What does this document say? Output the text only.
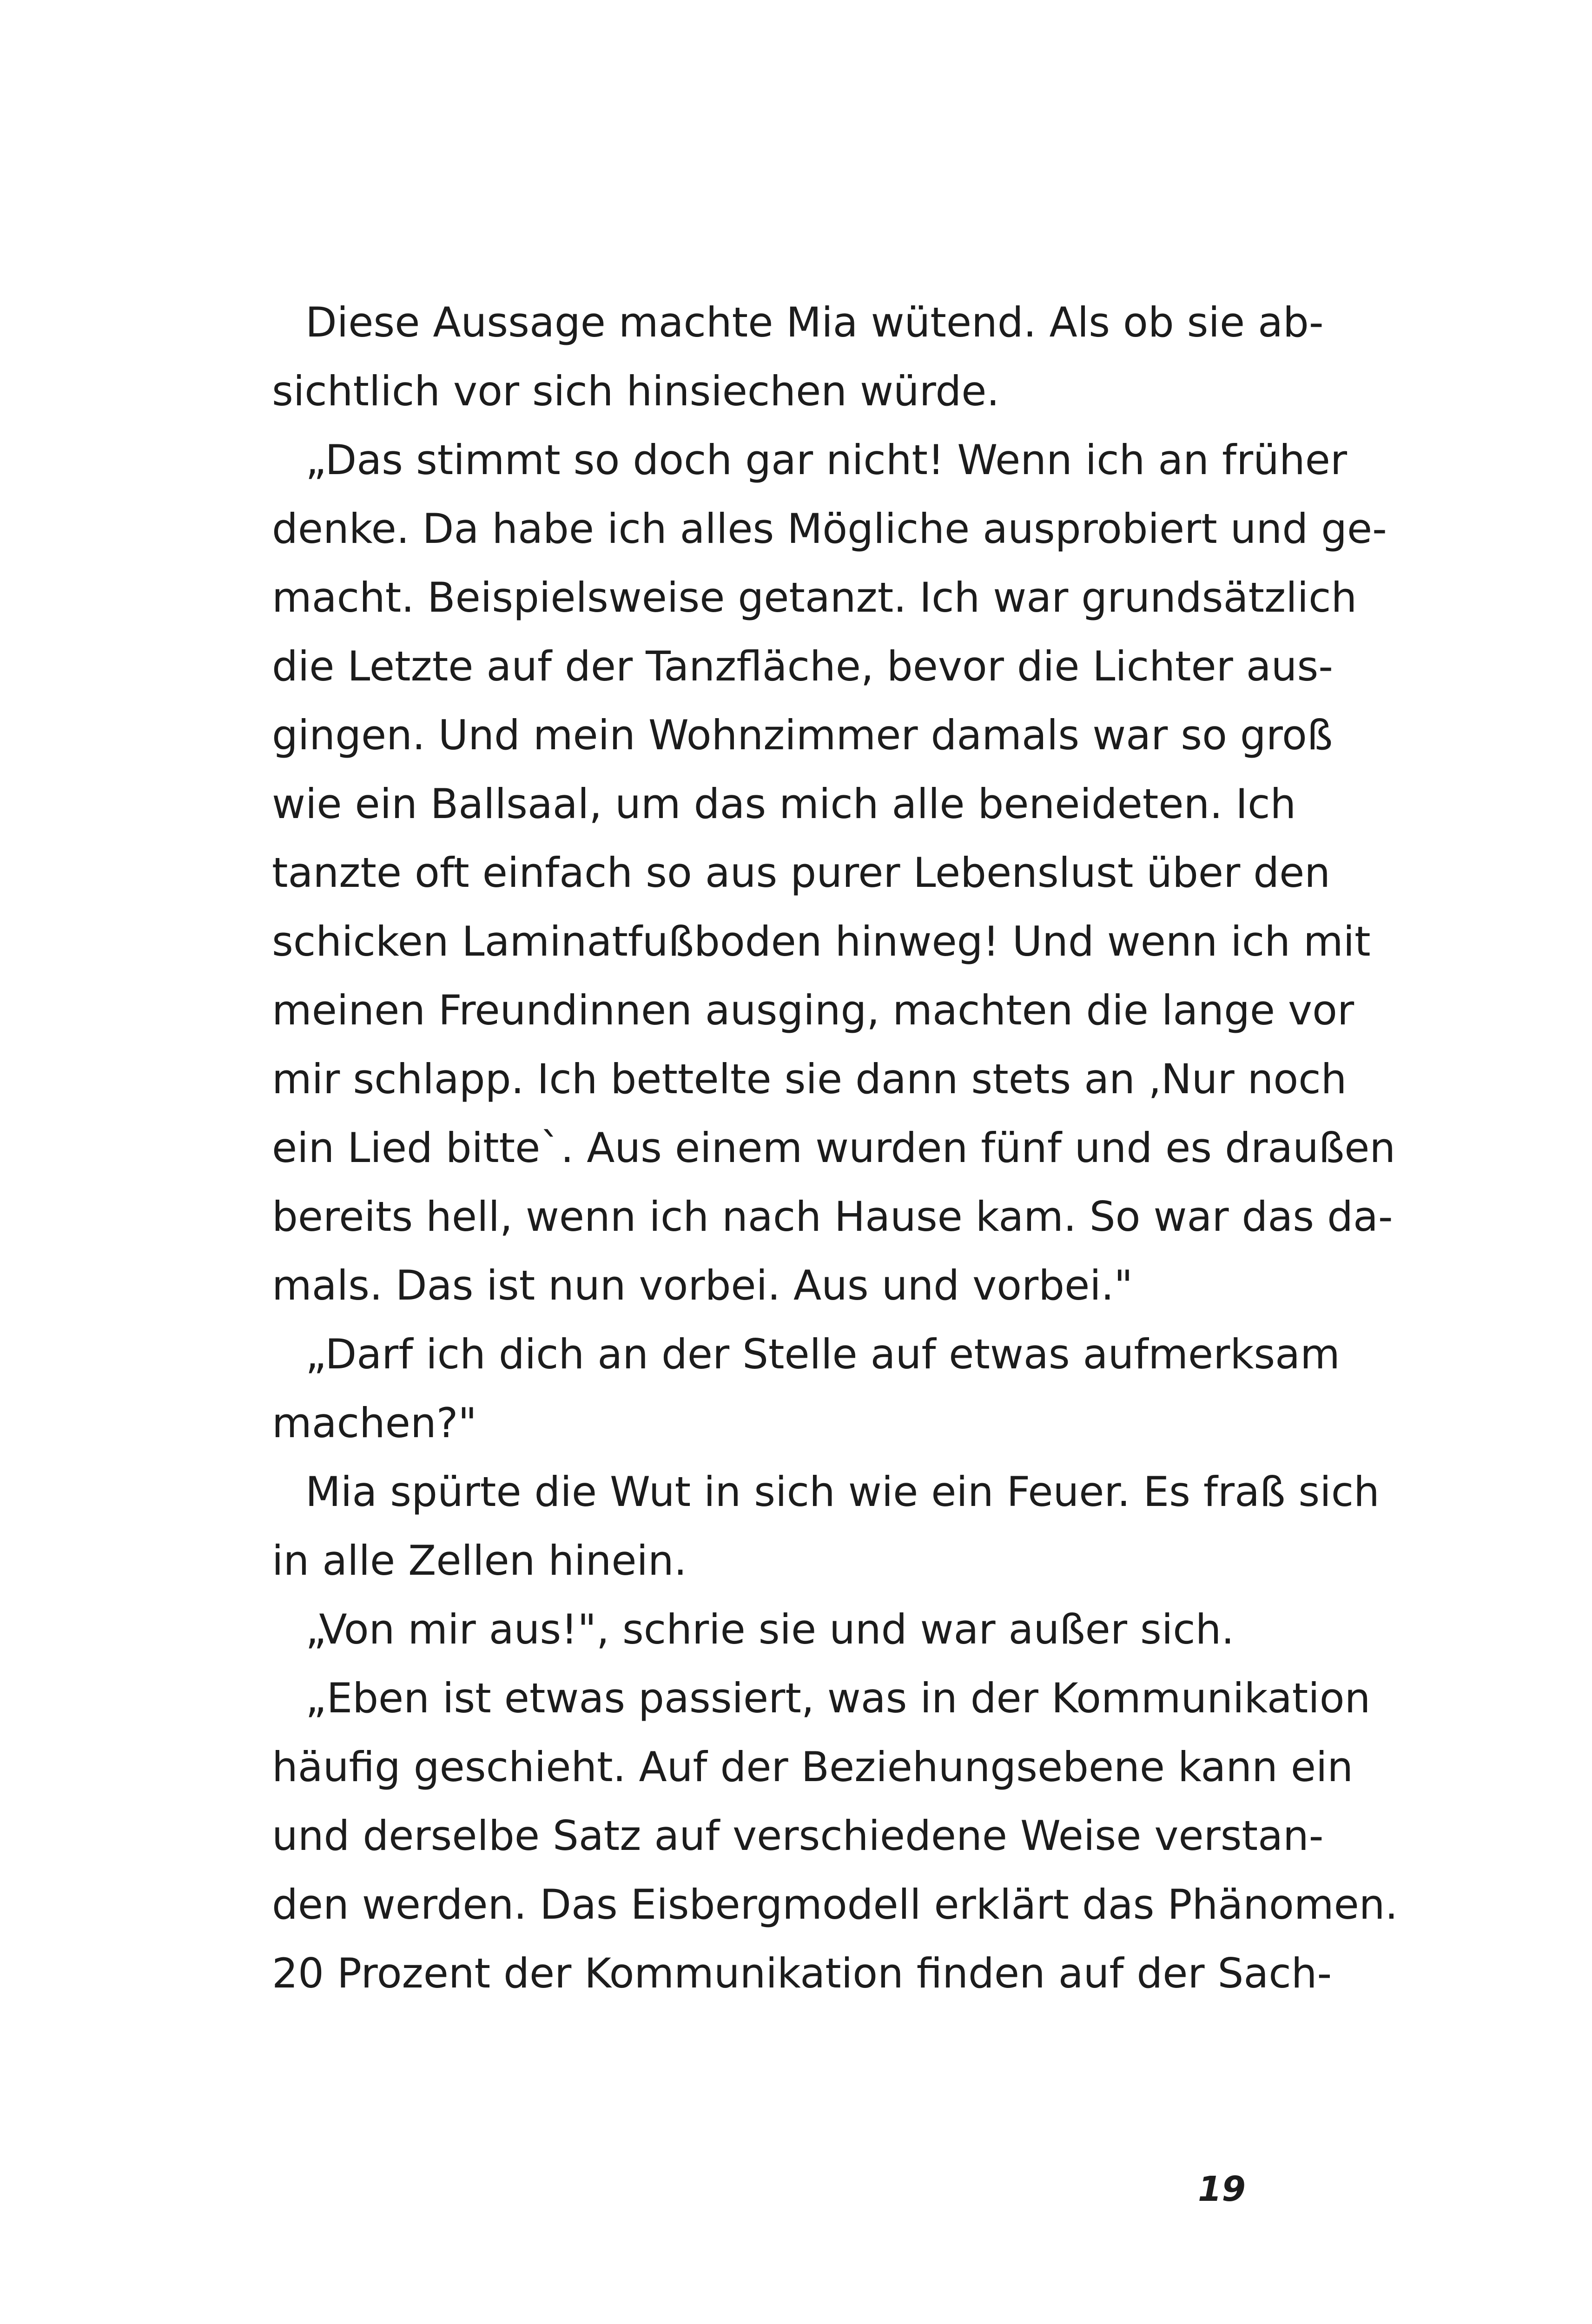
Diese Aussage machte Mia wütend. Als ob sie ab-
sichtlich vor sich hinsiechen würde.
„Das stimmt so doch gar nicht! Wenn ich an früher
denke. Da habe ich alles Mögliche ausprobiert und ge-
macht. Beispielsweise getanzt. Ich war grundsätzlich
die Letzte auf der Tanzfläche, bevor die Lichter aus-
gingen. Und mein Wohnzimmer damals war so groß
wie ein Ballsaal, um das mich alle beneideten. Ich
tanzte oft einfach so aus purer Lebenslust über den
schicken Laminatfußboden hinweg! Und wenn ich mit
meinen Freundinnen ausging, machten die lange vor
mir schlapp. Ich bettelte sie dann stets an ‚Nur noch
ein Lied bitte`. Aus einem wurden fünf und es draußen
bereits hell, wenn ich nach Hause kam. So war das da-
mals. Das ist nun vorbei. Aus und vorbei."
„Darf ich dich an der Stelle auf etwas aufmerksam
machen?"
Mia spürte die Wut in sich wie ein Feuer. Es fraß sich
in alle Zellen hinein.
„Von mir aus!", schrie sie und war außer sich.
„Eben ist etwas passiert, was in der Kommunikation
häufig geschieht. Auf der Beziehungsebene kann ein
und derselbe Satz auf verschiedene Weise verstan-
den werden. Das Eisbergmodell erklärt das Phänomen.
20 Prozent der Kommunikation finden auf der Sach-
19
